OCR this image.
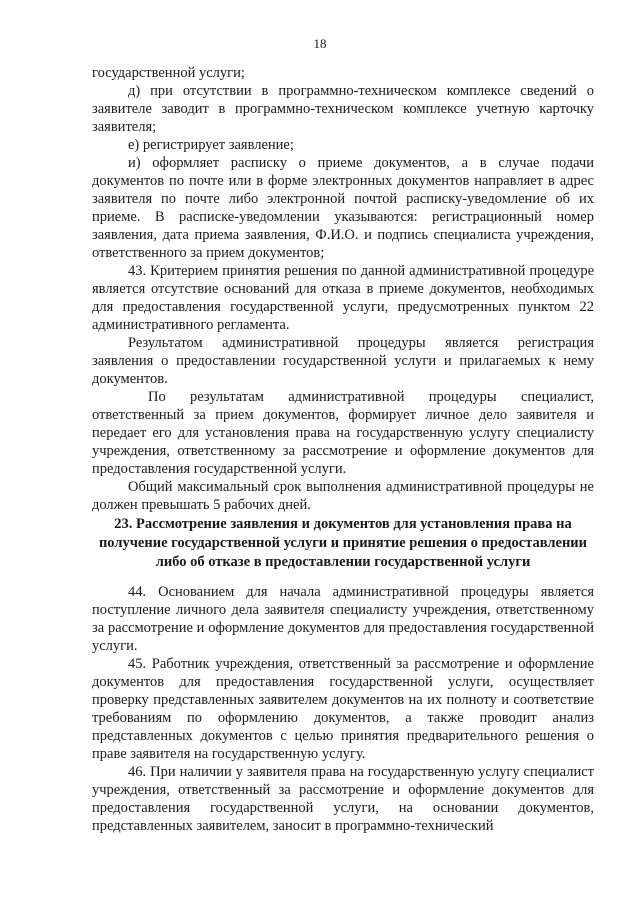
18

государственной услуги;

д) при отсутствии в программно-техническом комплексе сведений о заявителе заводит в программно-техническом комплексе учетную карточку заявителя;

е) регистрирует заявление;

и) оформляет расписку о приеме документов, а в случае подачи документов по почте или в форме электронных документов направляет в адрес заявителя по почте либо электронной почтой расписку-уведомление об их приеме. В расписке-уведомлении указываются: регистрационный номер заявления, дата приема заявления, Ф.И.О. и подпись специалиста учреждения, ответственного за прием документов;

43. Критерием принятия решения по данной административной процедуре является отсутствие оснований для отказа в приеме документов, необходимых для предоставления государственной услуги, предусмотренных пунктом 22 административного регламента.

Результатом административной процедуры является регистрация заявления о предоставлении государственной услуги и прилагаемых к нему документов.

По результатам административной процедуры специалист, ответственный за прием документов, формирует личное дело заявителя и передает его для установления права на государственную услугу специалисту учреждения, ответственному за рассмотрение и оформление документов для предоставления государственной услуги.

Общий максимальный срок выполнения административной процедуры не должен превышать 5 рабочих дней.

23. Рассмотрение заявления и документов для установления права на получение государственной услуги и принятие решения о предоставлении либо об отказе в предоставлении государственной услуги

44. Основанием для начала административной процедуры является поступление личного дела заявителя специалисту учреждения, ответственному за рассмотрение и оформление документов для предоставления государственной услуги.

45. Работник учреждения, ответственный за рассмотрение и оформление документов для предоставления государственной услуги, осуществляет проверку представленных заявителем документов на их полноту и соответствие требованиям по оформлению документов, а также проводит анализ представленных документов с целью принятия предварительного решения о праве заявителя на государственную услугу.

46. При наличии у заявителя права на государственную услугу специалист учреждения, ответственный за рассмотрение и оформление документов для предоставления государственной услуги, на основании документов, представленных заявителем, заносит в программно-технический
